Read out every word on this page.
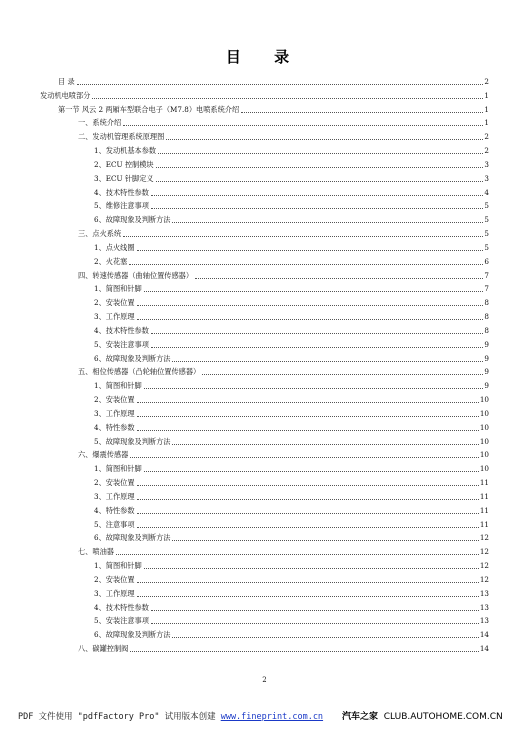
目 录
目 录	2
发动机电喷部分	1
第一节 风云 2 两厢车型联合电子（M7.8）电喷系统介绍	1
一、系统介绍	1
二、发动机管理系统原理图	2
1、发动机基本参数	2
2、ECU 控制模块	3
3、ECU 针脚定义	3
4、技术特性参数	4
5、维修注意事项	5
6、故障现象及判断方法	5
三、点火系统	5
1、点火线圈	5
2、火花塞	6
四、转速传感器（曲轴位置传感器）	7
1、简图和针脚	7
2、安装位置	8
3、工作原理	8
4、技术特性参数	8
5、安装注意事项	9
6、故障现象及判断方法	9
五、相位传感器（凸轮轴位置传感器）	9
1、简图和针脚	9
2、安装位置	10
3、工作原理	10
4、特性参数	10
5、故障现象及判断方法	10
六、爆震传感器	10
1、简图和针脚	10
2、安装位置	11
3、工作原理	11
4、特性参数	11
5、注意事项	11
6、故障现象及判断方法	12
七、喷油器	12
1、简图和针脚	12
2、安装位置	12
3、工作原理	13
4、技术特性参数	13
5、安装注意事项	13
6、故障现象及判断方法	14
八、碳罐控制阀	14
2
PDF 文件使用 "pdfFactory Pro" 试用版本创建 www.fineprint.com.cn 汽车之家 CLUB.AUTOHOME.COM.CN
